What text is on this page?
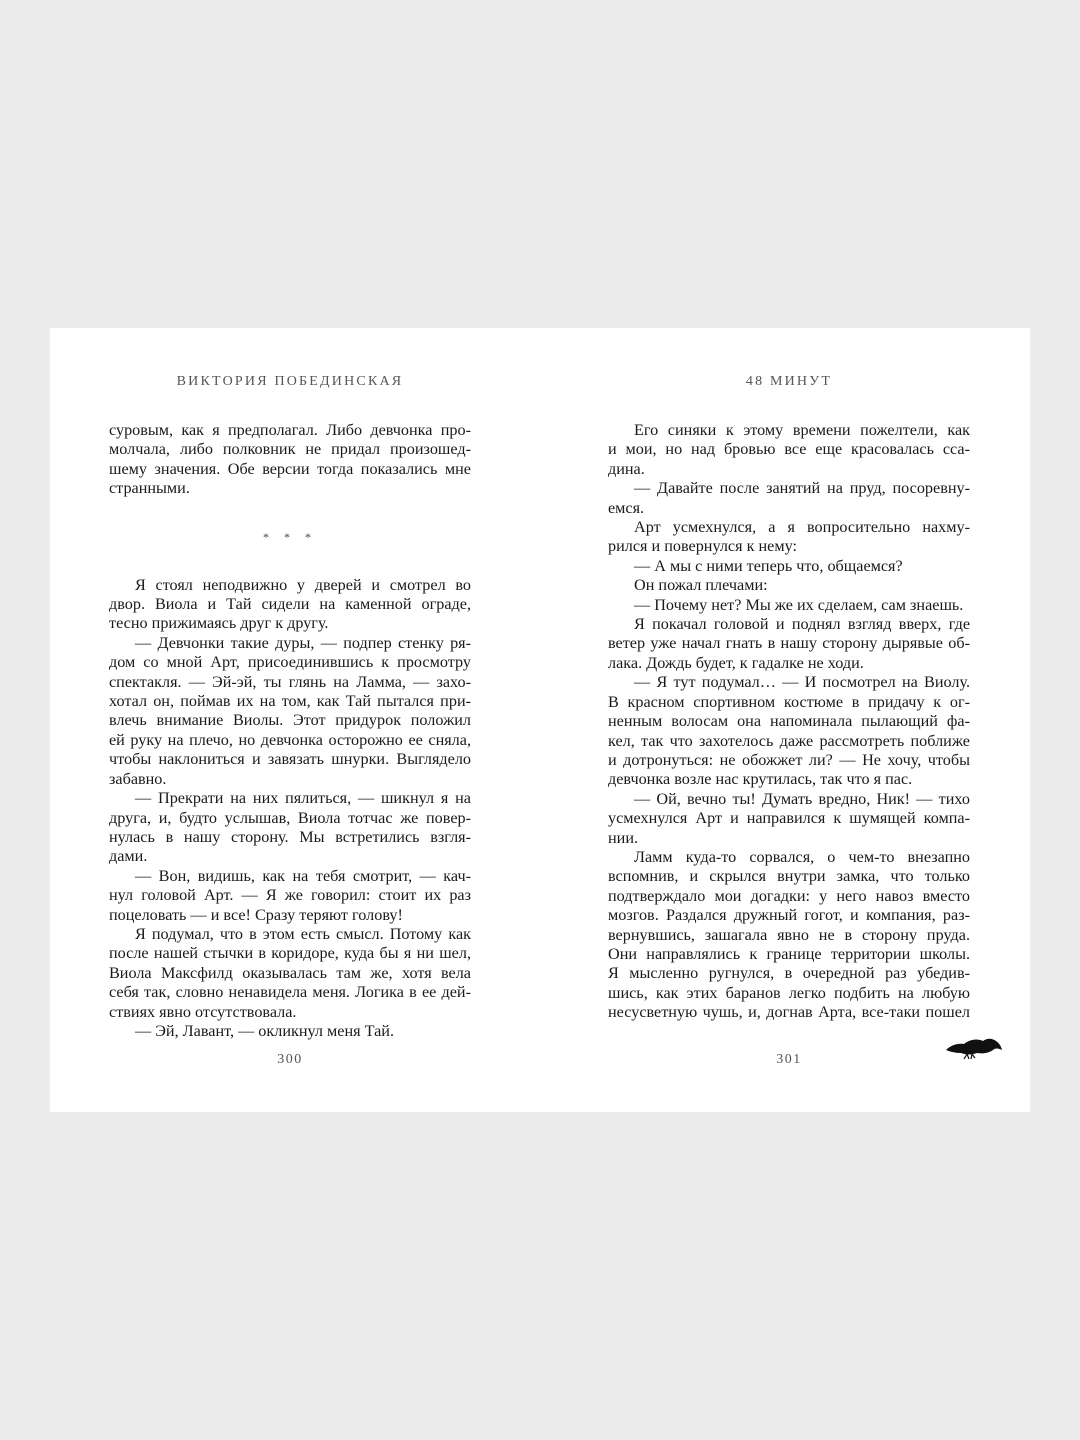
ВИКТОРИЯ ПОБЕДИНСКАЯ
суровым, как я предполагал. Либо девчонка про-
молчала, либо полковник не придал произошед-
шему значения. Обе версии тогда показались мне
странными.
* * *
Я стоял неподвижно у дверей и смотрел во
двор. Виола и Тай сидели на каменной ограде,
тесно прижимаясь друг к другу.
— Девчонки такие дуры, — подпер стенку ря-
дом со мной Арт, присоединившись к просмотру
спектакля. — Эй-эй, ты глянь на Ламма, — захо-
хотал он, поймав их на том, как Тай пытался при-
влечь внимание Виолы. Этот придурок положил
ей руку на плечо, но девчонка осторожно ее сняла,
чтобы наклониться и завязать шнурки. Выглядело
забавно.
— Прекрати на них пялиться, — шикнул я на
друга, и, будто услышав, Виола тотчас же повер-
нулась в нашу сторону. Мы встретились взгля-
дами.
— Вон, видишь, как на тебя смотрит, — кач-
нул головой Арт. — Я же говорил: стоит их раз
поцеловать — и все! Сразу теряют голову!
Я подумал, что в этом есть смысл. Потому как
после нашей стычки в коридоре, куда бы я ни шел,
Виола Максфилд оказывалась там же, хотя вела
себя так, словно ненавидела меня. Логика в ее дей-
ствиях явно отсутствовала.
— Эй, Лавант, — окликнул меня Тай.
300
48 МИНУТ
Его синяки к этому времени пожелтели, как
и мои, но над бровью все еще красовалась сса-
дина.
— Давайте после занятий на пруд, посоревну-
емся.
Арт усмехнулся, а я вопросительно нахму-
рился и повернулся к нему:
— А мы с ними теперь что, общаемся?
Он пожал плечами:
— Почему нет? Мы же их сделаем, сам знаешь.
Я покачал головой и поднял взгляд вверх, где
ветер уже начал гнать в нашу сторону дырявые об-
лака. Дождь будет, к гадалке не ходи.
— Я тут подумал… — И посмотрел на Виолу.
В красном спортивном костюме в придачу к ог-
ненным волосам она напоминала пылающий фа-
кел, так что захотелось даже рассмотреть поближе
и дотронуться: не обожжет ли? — Не хочу, чтобы
девчонка возле нас крутилась, так что я пас.
— Ой, вечно ты! Думать вредно, Ник! — тихо
усмехнулся Арт и направился к шумящей компа-
нии.
Ламм куда-то сорвался, о чем-то внезапно
вспомнив, и скрылся внутри замка, что только
подтверждало мои догадки: у него навоз вместо
мозгов. Раздался дружный гогот, и компания, раз-
вернувшись, зашагала явно не в сторону пруда.
Они направлялись к границе территории школы.
Я мысленно ругнулся, в очередной раз убедив-
шись, как этих баранов легко подбить на любую
несусветную чушь, и, догнав Арта, все-таки пошел
301
